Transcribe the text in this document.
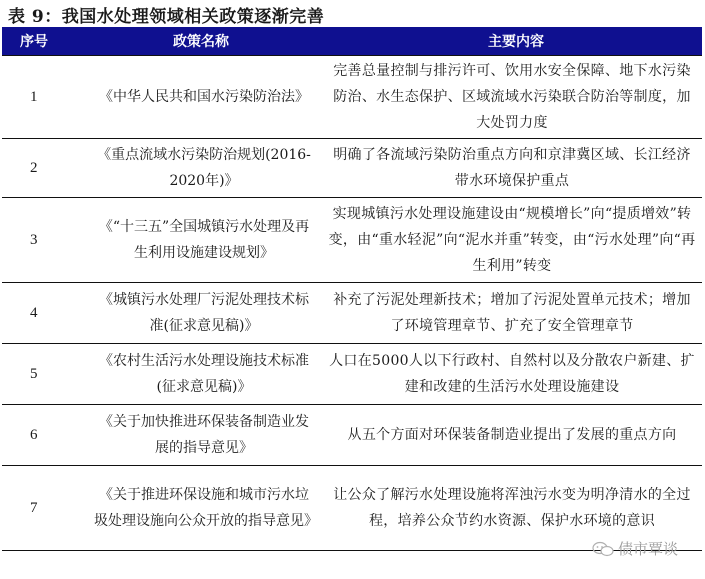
表 9：我国水处理领域相关政策逐渐完善
序号	政策名称	主要内容
1	《中华人民共和国水污染防治法》	完善总量控制与排污许可、饮用水安全保障、地下水污染防治、水生态保护、区域流域水污染联合防治等制度，加大处罚力度
2	《重点流域水污染防治规划(2016-2020年)》	明确了各流域污染防治重点方向和京津冀区域、长江经济带水环境保护重点
3	《“十三五”全国城镇污水处理及再生利用设施建设规划》	实现城镇污水处理设施建设由“规模增长”向“提质增效”转变，由“重水轻泥”向“泥水并重”转变，由“污水处理”向“再生利用”转变
4	《城镇污水处理厂污泥处理技术标准(征求意见稿)》	补充了污泥处理新技术；增加了污泥处置单元技术；增加了环境管理章节、扩充了安全管理章节
5	《农村生活污水处理设施技术标准(征求意见稿)》	人口在5000人以下行政村、自然村以及分散农户新建、扩建和改建的生活污水处理设施建设
6	《关于加快推进环保装备制造业发展的指导意见》	从五个方面对环保装备制造业提出了发展的重点方向
7	《关于推进环保设施和城市污水垃圾处理设施向公众开放的指导意见》	让公众了解污水处理设施将浑浊污水变为明净清水的全过程，培养公众节约水资源、保护水环境的意识
债市覃谈
